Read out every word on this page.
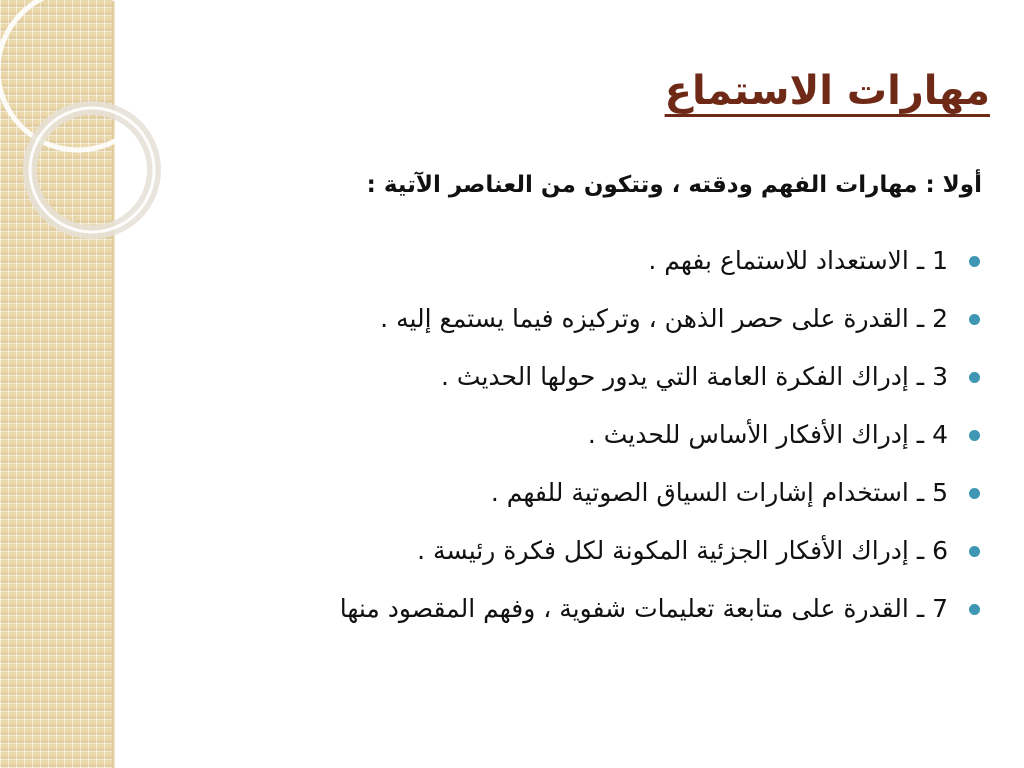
مهارات الاستماع
أولا : مهارات الفهم ودقته ، وتتكون من العناصر الآتية :
1 ـ الاستعداد للاستماع بفهم .
2 ـ القدرة على حصر الذهن ، وتركيزه فيما يستمع إليه .
3 ـ إدراك الفكرة العامة التي يدور حولها الحديث .
4 ـ إدراك الأفكار الأساس للحديث .
5 ـ استخدام إشارات السياق الصوتية للفهم .
6 ـ إدراك الأفكار الجزئية المكونة لكل فكرة رئيسة .
7 ـ القدرة على متابعة تعليمات شفوية ، وفهم المقصود منها
